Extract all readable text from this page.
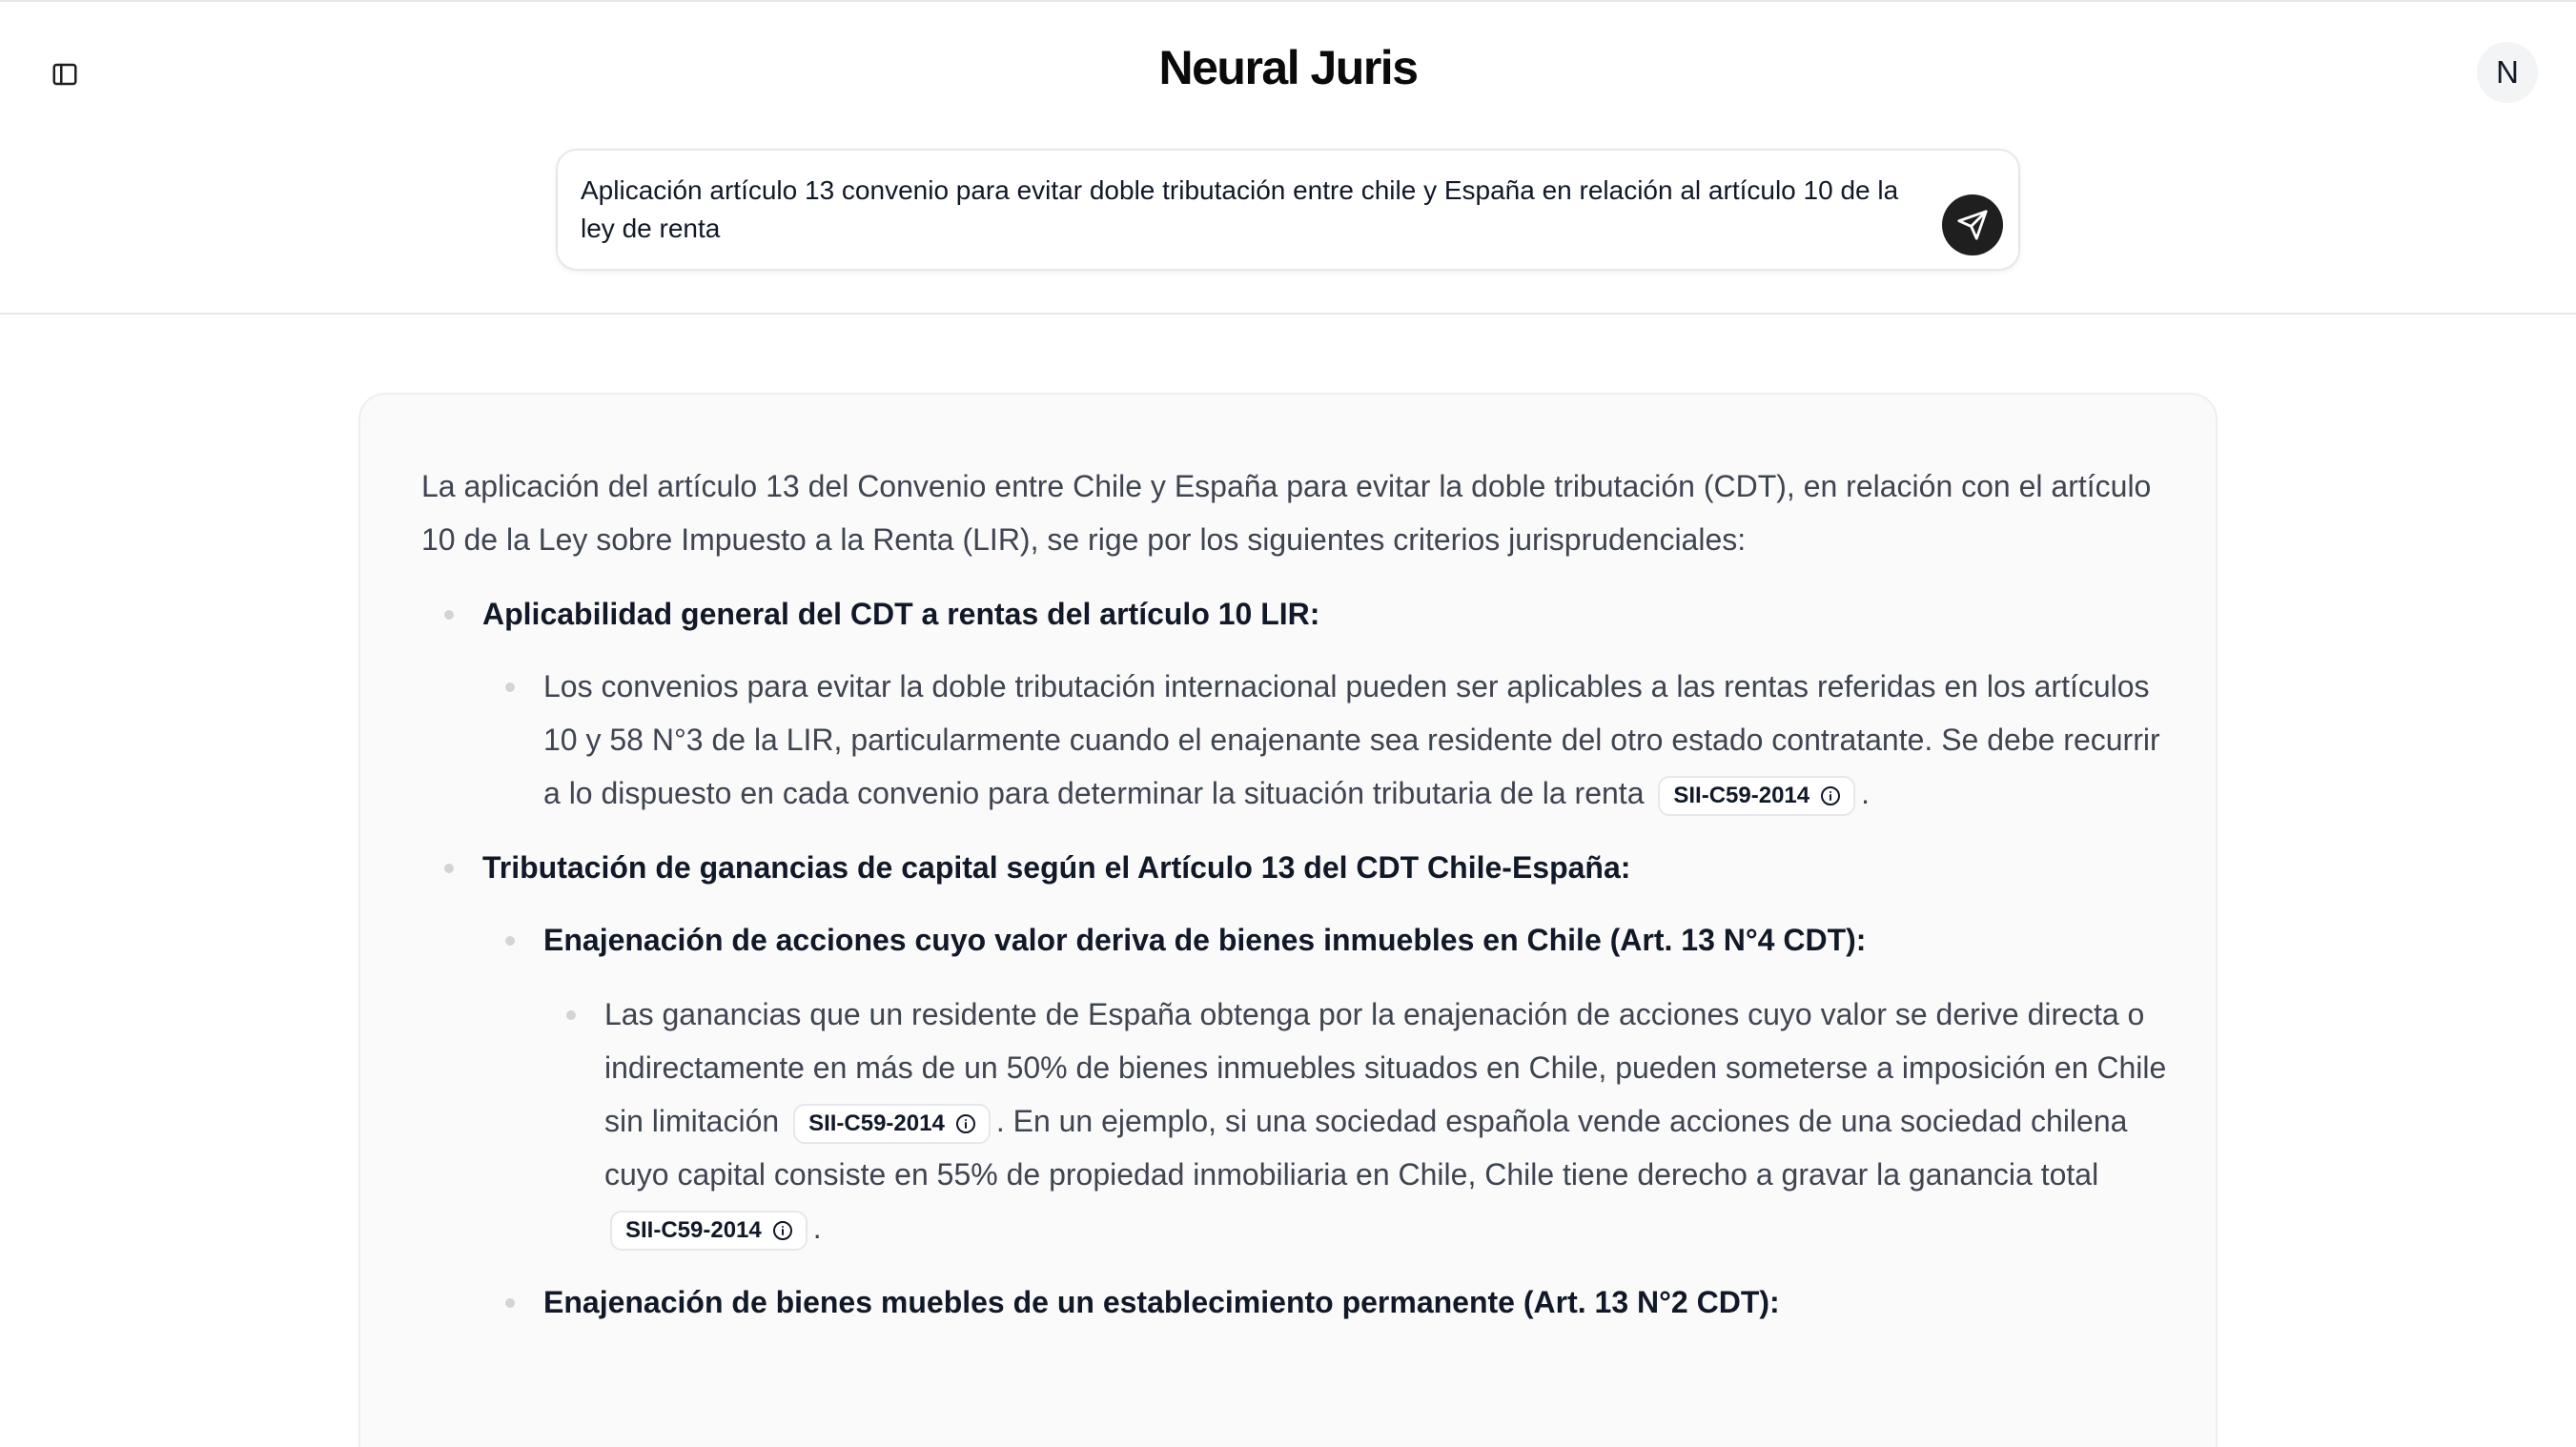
Neural Juris	N
Aplicación artículo 13 convenio para evitar doble tributación entre chile y España en relación al artículo 10 de la ley de renta

La aplicación del artículo 13 del Convenio entre Chile y España para evitar la doble tributación (CDT), en relación con el artículo 10 de la Ley sobre Impuesto a la Renta (LIR), se rige por los siguientes criterios jurisprudenciales:

Aplicabilidad general del CDT a rentas del artículo 10 LIR:
Los convenios para evitar la doble tributación internacional pueden ser aplicables a las rentas referidas en los artículos 10 y 58 N°3 de la LIR, particularmente cuando el enajenante sea residente del otro estado contratante. Se debe recurrir a lo dispuesto en cada convenio para determinar la situación tributaria de la renta SII-C59-2014 .
Tributación de ganancias de capital según el Artículo 13 del CDT Chile-España:
Enajenación de acciones cuyo valor deriva de bienes inmuebles en Chile (Art. 13 N°4 CDT):
Las ganancias que un residente de España obtenga por la enajenación de acciones cuyo valor se derive directa o indirectamente en más de un 50% de bienes inmuebles situados en Chile, pueden someterse a imposición en Chile sin limitación SII-C59-2014 . En un ejemplo, si una sociedad española vende acciones de una sociedad chilena cuyo capital consiste en 55% de propiedad inmobiliaria en Chile, Chile tiene derecho a gravar la ganancia total
SII-C59-2014 .
Enajenación de bienes muebles de un establecimiento permanente (Art. 13 N°2 CDT):
